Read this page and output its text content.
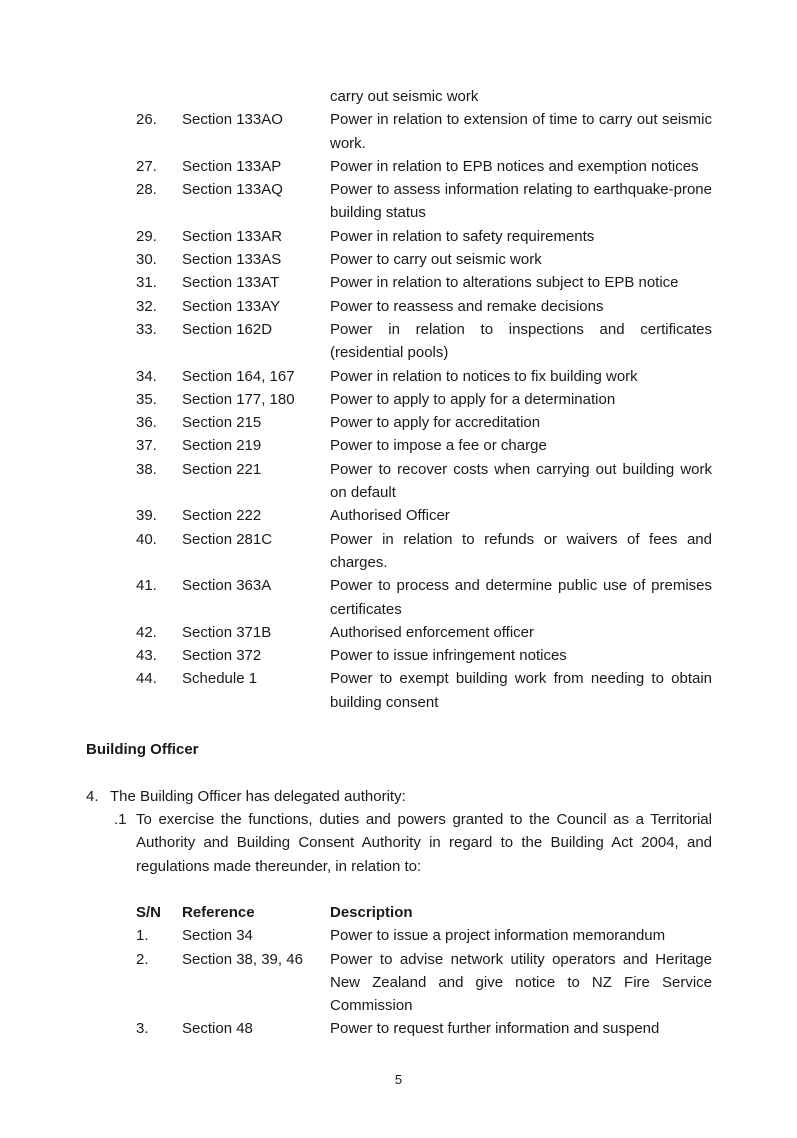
carry out seismic work
26.	Section 133AO	Power in relation to extension of time to carry out seismic work.
27.	Section 133AP	Power in relation to EPB notices and exemption notices
28.	Section 133AQ	Power to assess information relating to earthquake-prone building status
29.	Section 133AR	Power in relation to safety requirements
30.	Section 133AS	Power to carry out seismic work
31.	Section 133AT	Power in relation to alterations subject to EPB notice
32.	Section 133AY	Power to reassess and remake decisions
33.	Section 162D	Power in relation to inspections and certificates (residential pools)
34.	Section 164, 167	Power in relation to notices to fix building work
35.	Section 177, 180	Power to apply to apply for a determination
36.	Section 215	Power to apply for accreditation
37.	Section 219	Power to impose a fee or charge
38.	Section 221	Power to recover costs when carrying out building work on default
39.	Section 222	Authorised Officer
40.	Section 281C	Power in relation to refunds or waivers of fees and charges.
41.	Section 363A	Power to process and determine public use of premises certificates
42.	Section 371B	Authorised enforcement officer
43.	Section 372	Power to issue infringement notices
44.	Schedule 1	Power to exempt building work from needing to obtain building consent
Building Officer
4. The Building Officer has delegated authority:
.1 To exercise the functions, duties and powers granted to the Council as a Territorial Authority and Building Consent Authority in regard to the Building Act 2004, and regulations made thereunder, in relation to:
S/N	Reference	Description
1.	Section 34	Power to issue a project information memorandum
2.	Section 38, 39, 46	Power to advise network utility operators and Heritage New Zealand and give notice to NZ Fire Service Commission
3.	Section 48	Power to request further information and suspend
5
